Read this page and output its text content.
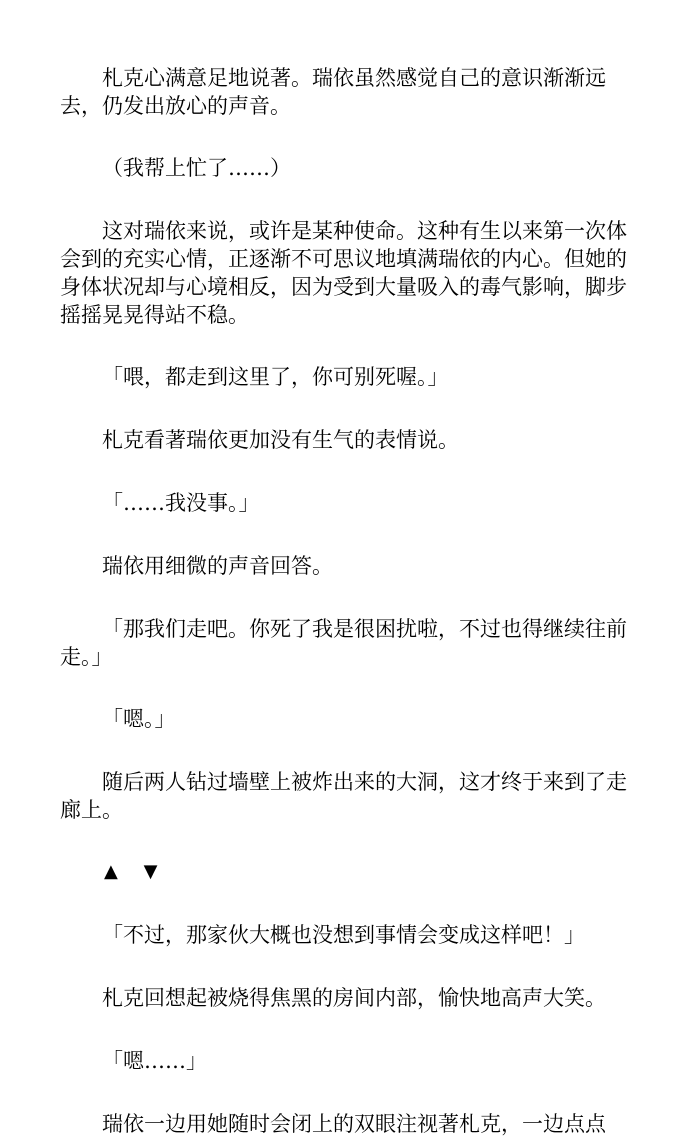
札克心满意足地说著。瑞依虽然感觉自己的意识渐渐远去，仍发出放心的声音。

（我帮上忙了……）

这对瑞依来说，或许是某种使命。这种有生以来第一次体会到的充实心情，正逐渐不可思议地填满瑞依的内心。但她的身体状况却与心境相反，因为受到大量吸入的毒气影响，脚步摇摇晃晃得站不稳。

「喂，都走到这里了，你可别死喔。」

札克看著瑞依更加没有生气的表情说。

「……我没事。」

瑞依用细微的声音回答。

「那我们走吧。你死了我是很困扰啦，不过也得继续往前走。」

「嗯。」

随后两人钻过墙壁上被炸出来的大洞，这才终于来到了走廊上。

▲ ▼

「不过，那家伙大概也没想到事情会变成这样吧！」

札克回想起被烧得焦黑的房间内部，愉快地高声大笑。

「嗯……」

瑞依一边用她随时会闭上的双眼注视著札克，一边点点
